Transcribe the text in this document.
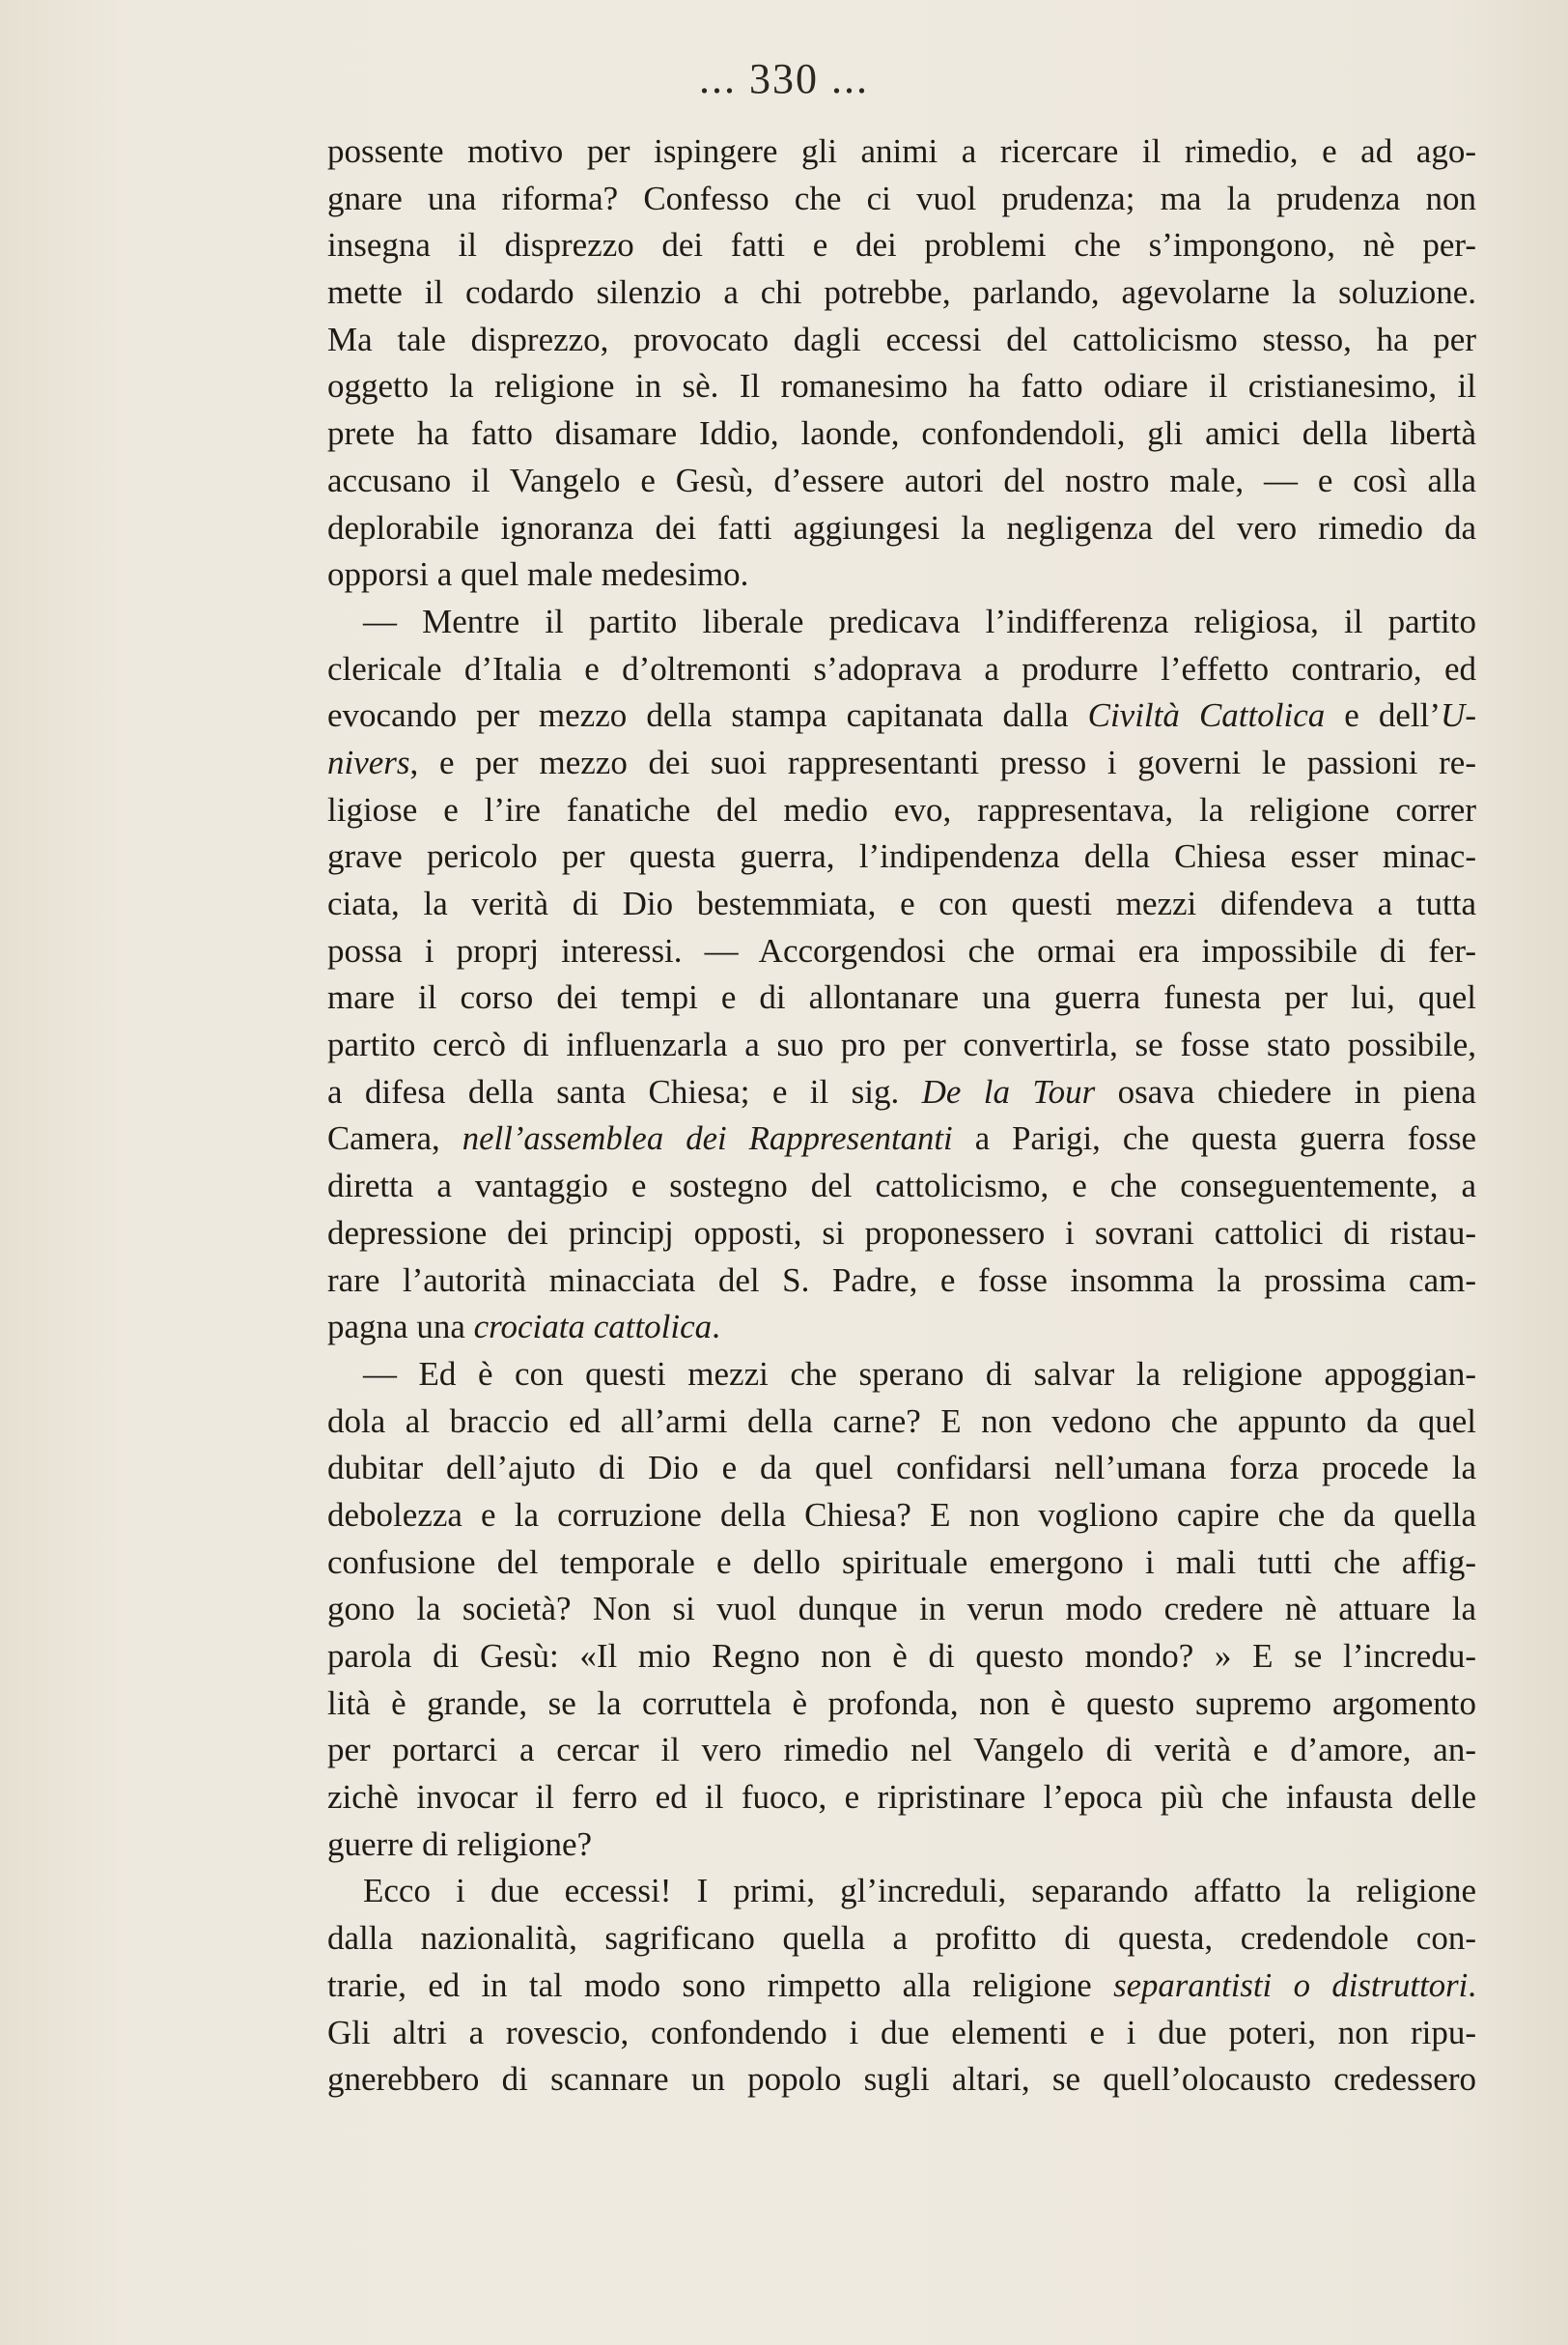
... 330 ...
possente motivo per ispingere gli animi a ricercare il rimedio, e ad ago-
gnare una riforma? Confesso che ci vuol prudenza; ma la prudenza non
insegna il disprezzo dei fatti e dei problemi che s’impongono, nè per-
mette il codardo silenzio a chi potrebbe, parlando, agevolarne la soluzione.
Ma tale disprezzo, provocato dagli eccessi del cattolicismo stesso, ha per
oggetto la religione in sè. Il romanesimo ha fatto odiare il cristianesimo, il
prete ha fatto disamare Iddio, laonde, confondendoli, gli amici della libertà
accusano il Vangelo e Gesù, d’essere autori del nostro male, — e così alla
deplorabile ignoranza dei fatti aggiungesi la negligenza del vero rimedio da
opporsi a quel male medesimo.
— Mentre il partito liberale predicava l’indifferenza religiosa, il partito
clericale d’Italia e d’oltremonti s’adoprava a produrre l’effetto contrario, ed
evocando per mezzo della stampa capitanata dalla Civiltà Cattolica e dell’U-
nivers, e per mezzo dei suoi rappresentanti presso i governi le passioni re-
ligiose e l’ire fanatiche del medio evo, rappresentava, la religione correr
grave pericolo per questa guerra, l’indipendenza della Chiesa esser minac-
ciata, la verità di Dio bestemmiata, e con questi mezzi difendeva a tutta
possa i proprj interessi. — Accorgendosi che ormai era impossibile di fer-
mare il corso dei tempi e di allontanare una guerra funesta per lui, quel
partito cercò di influenzarla a suo pro per convertirla, se fosse stato possibile,
a difesa della santa Chiesa; e il sig. De la Tour osava chiedere in piena
Camera, nell’assemblea dei Rappresentanti a Parigi, che questa guerra fosse
diretta a vantaggio e sostegno del cattolicismo, e che conseguentemente, a
depressione dei principj opposti, si proponessero i sovrani cattolici di ristau-
rare l’autorità minacciata del S. Padre, e fosse insomma la prossima cam-
pagna una crociata cattolica.
— Ed è con questi mezzi che sperano di salvar la religione appoggian-
dola al braccio ed all’armi della carne? E non vedono che appunto da quel
dubitar dell’ajuto di Dio e da quel confidarsi nell’umana forza procede la
debolezza e la corruzione della Chiesa? E non vogliono capire che da quella
confusione del temporale e dello spirituale emergono i mali tutti che affig-
gono la società? Non si vuol dunque in verun modo credere nè attuare la
parola di Gesù: «Il mio Regno non è di questo mondo? » E se l’incredu-
lità è grande, se la corruttela è profonda, non è questo supremo argomento
per portarci a cercar il vero rimedio nel Vangelo di verità e d’amore, an-
zichè invocar il ferro ed il fuoco, e ripristinare l’epoca più che infausta delle
guerre di religione?
Ecco i due eccessi! I primi, gl’increduli, separando affatto la religione
dalla nazionalità, sagrificano quella a profitto di questa, credendole con-
trarie, ed in tal modo sono rimpetto alla religione separantisti o distruttori.
Gli altri a rovescio, confondendo i due elementi e i due poteri, non ripu-
gnerebbero di scannare un popolo sugli altari, se quell’olocausto credessero
